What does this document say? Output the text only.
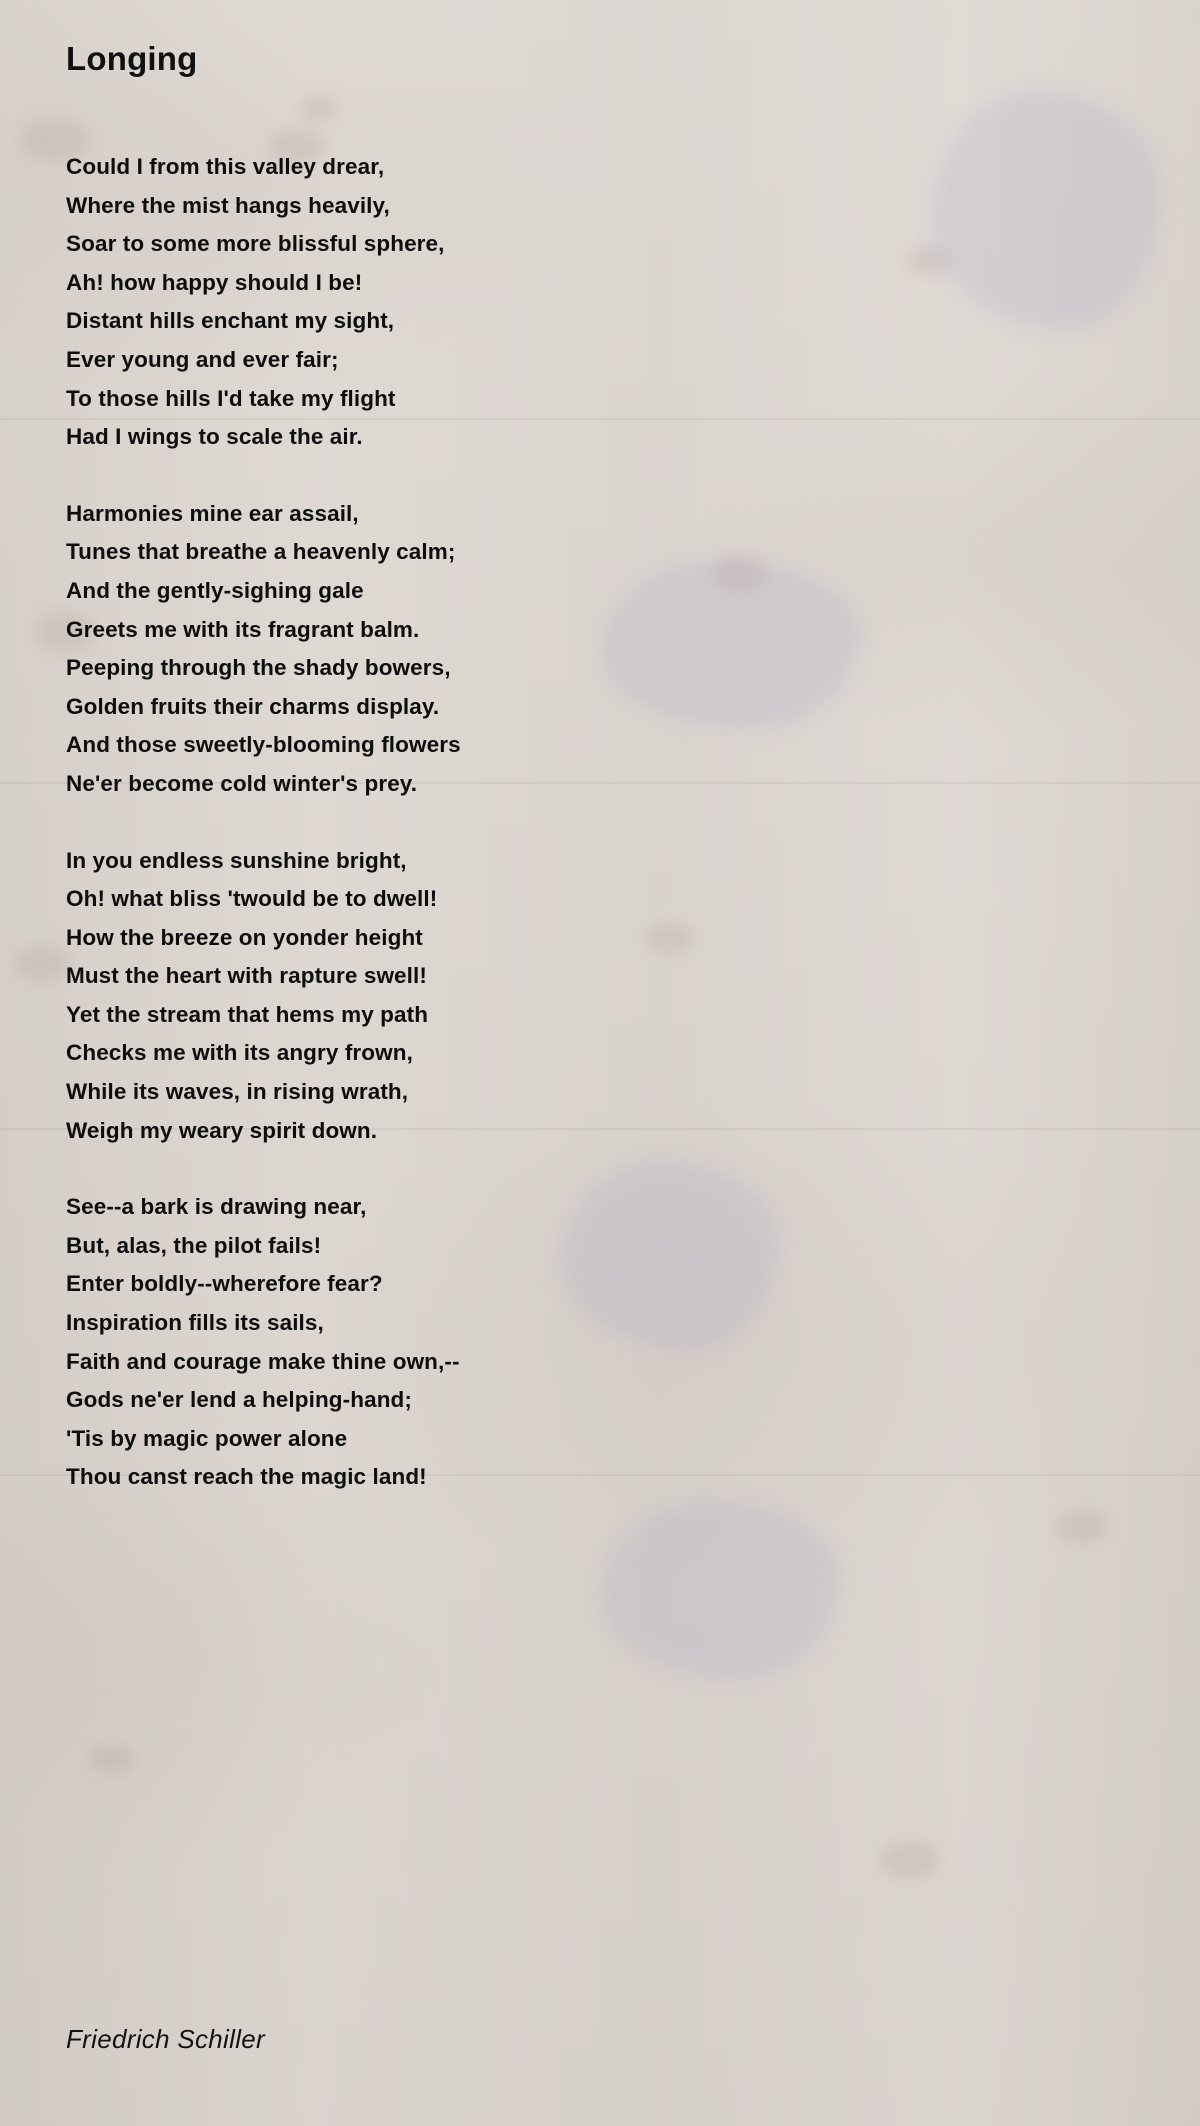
Longing
Could I from this valley drear,
Where the mist hangs heavily,
Soar to some more blissful sphere,
Ah! how happy should I be!
Distant hills enchant my sight,
Ever young and ever fair;
To those hills I'd take my flight
Had I wings to scale the air.
Harmonies mine ear assail,
Tunes that breathe a heavenly calm;
And the gently-sighing gale
Greets me with its fragrant balm.
Peeping through the shady bowers,
Golden fruits their charms display.
And those sweetly-blooming flowers
Ne'er become cold winter's prey.
In you endless sunshine bright,
Oh! what bliss 'twould be to dwell!
How the breeze on yonder height
Must the heart with rapture swell!
Yet the stream that hems my path
Checks me with its angry frown,
While its waves, in rising wrath,
Weigh my weary spirit down.
See--a bark is drawing near,
But, alas, the pilot fails!
Enter boldly--wherefore fear?
Inspiration fills its sails,
Faith and courage make thine own,--
Gods ne'er lend a helping-hand;
'Tis by magic power alone
Thou canst reach the magic land!
Friedrich Schiller
